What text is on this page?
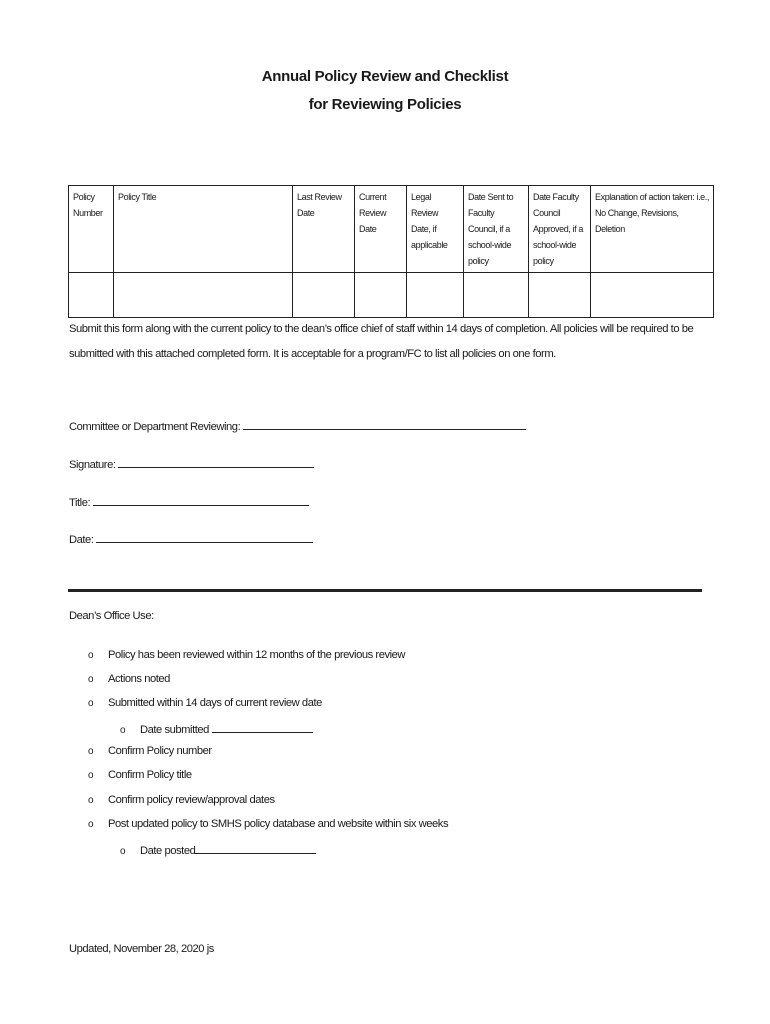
Annual Policy Review and Checklist
for Reviewing Policies
Policy Number	Policy Title	Last Review Date	Current Review Date	Legal Review Date, if applicable	Date Sent to Faculty Council, if a school-wide policy	Date Faculty Council Approved, if a school-wide policy	Explanation of action taken: i.e., No Change, Revisions, Deletion

Submit this form along with the current policy to the dean’s office chief of staff within 14 days of completion. All policies will be required to be submitted with this attached completed form. It is acceptable for a program/FC to list all policies on one form.
Committee or Department Reviewing:
Signature:
Title:
Date:
Dean’s Office Use:
o Policy has been reviewed within 12 months of the previous review
o Actions noted
o Submitted within 14 days of current review date
o Date submitted
o Confirm Policy number
o Confirm Policy title
o Confirm policy review/approval dates
o Post updated policy to SMHS policy database and website within six weeks
o Date posted
Updated, November 28, 2020 js
